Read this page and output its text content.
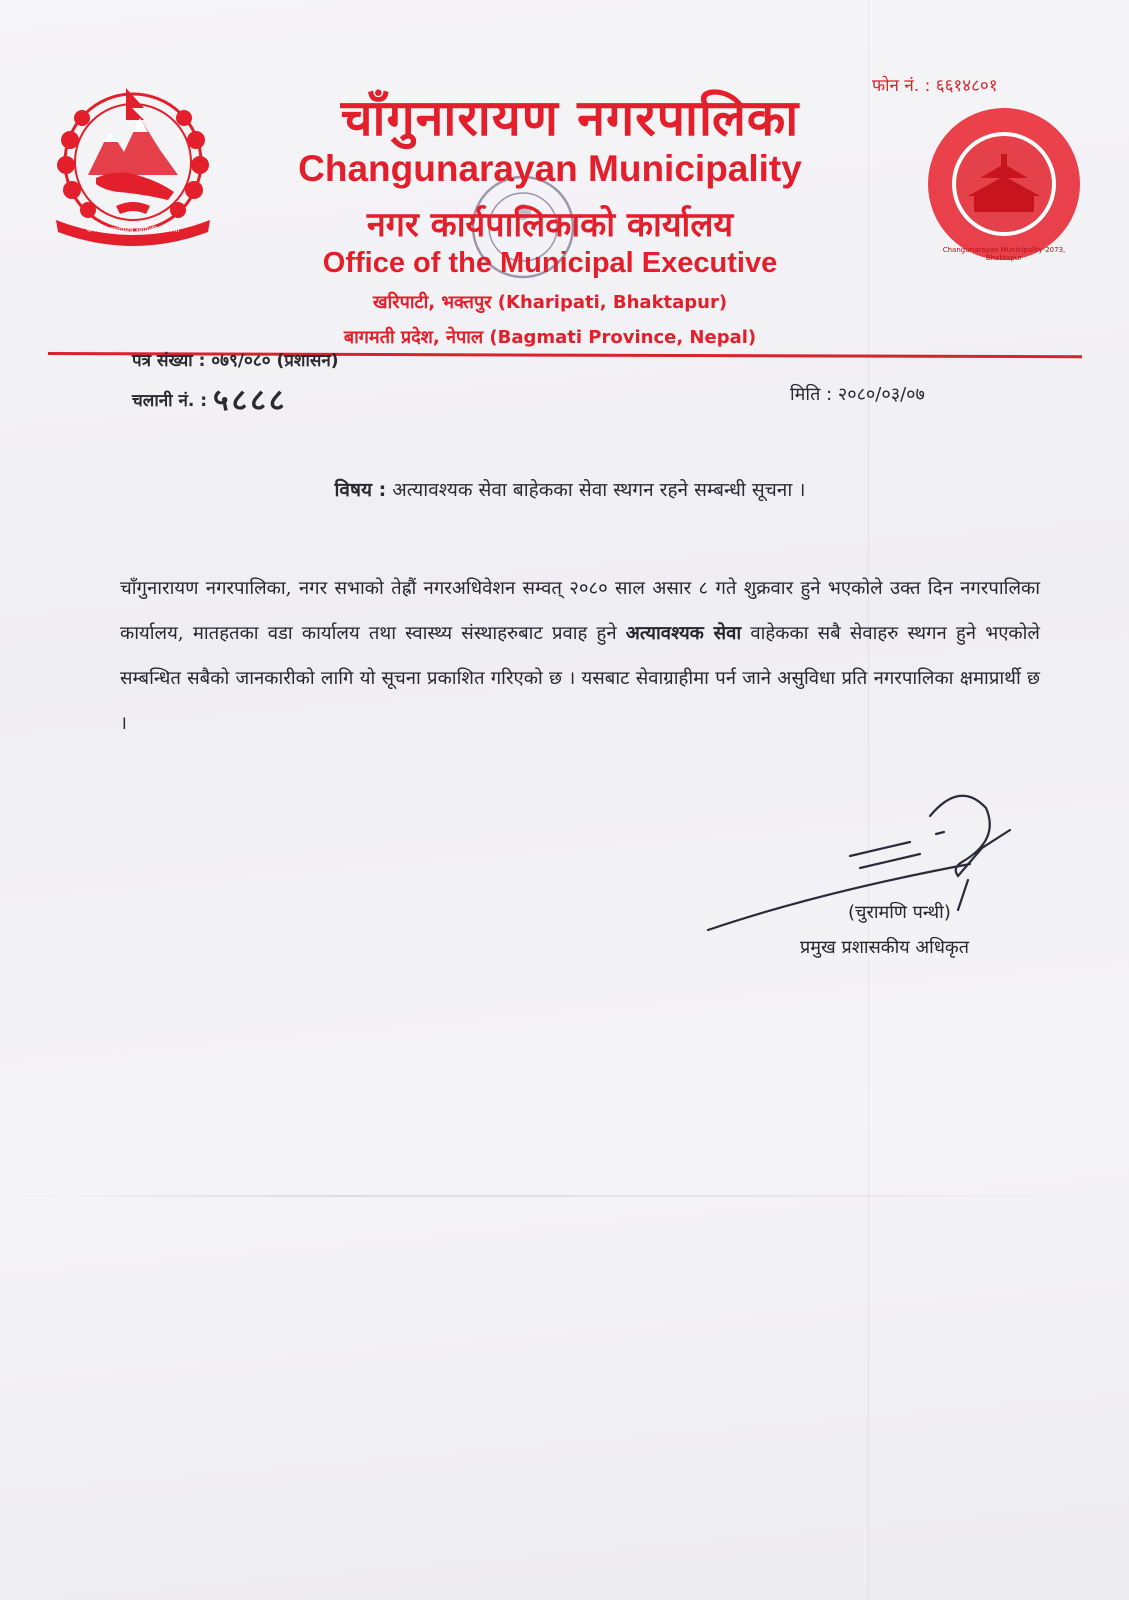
जननी जन्मभूमिश्च स्वर्गादपि गरीयसी
Changunarayan Municipality-2073, Bhaktapur
फोन नं. : ६६१४८०१
चाँगुनारायण नगरपालिका
Changunarayan Municipality
नगर कार्यपालिकाको कार्यालय
Office of the Municipal Executive
खरिपाटी, भक्तपुर (Kharipati, Bhaktapur)
बागमती प्रदेश, नेपाल (Bagmati Province, Nepal)
पत्र संख्या : ०७९/०८० (प्रशासन)
चलानी नं. : ५८८८	मिति : २०८०/०३/०७
विषय : अत्यावश्यक सेवा बाहेकका सेवा स्थगन रहने सम्बन्धी सूचना ।
चाँगुनारायण नगरपालिका, नगर सभाको तेह्रौं नगरअधिवेशन सम्वत् २०८० साल असार ८ गते शुक्रवार हुने भएकोले उक्त दिन नगरपालिका कार्यालय, मातहतका वडा कार्यालय तथा स्वास्थ्य संस्थाहरुबाट प्रवाह हुने अत्यावश्यक सेवा वाहेकका सबै सेवाहरु स्थगन हुने भएकोले सम्बन्धित सबैको जानकारीको लागि यो सूचना प्रकाशित गरिएको छ । यसबाट सेवाग्राहीमा पर्न जाने असुविधा प्रति नगरपालिका क्षमाप्रार्थी छ ।
(चुरामणि पन्थी)
प्रमुख प्रशासकीय अधिकृत
